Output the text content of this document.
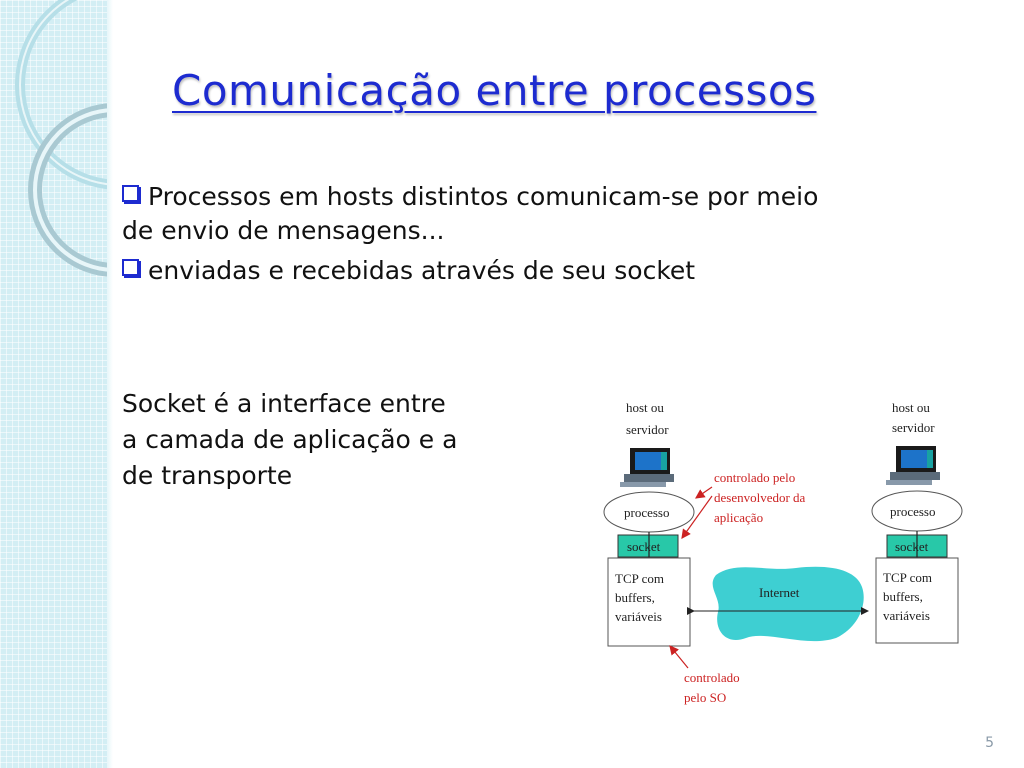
Comunicação entre processos
Processos em hosts distintos comunicam-se por meio
de envio de mensagens...
enviadas e recebidas através de seu socket
Socket é a interface entre
a camada de aplicação e a
de transporte
host ou
servidor
processo
socket
TCP com
buffers,
variáveis
host ou
servidor
processo
socket
TCP com
buffers,
variáveis
Internet
controlado pelo
desenvolvedor da
aplicação
controlado
pelo SO
5
